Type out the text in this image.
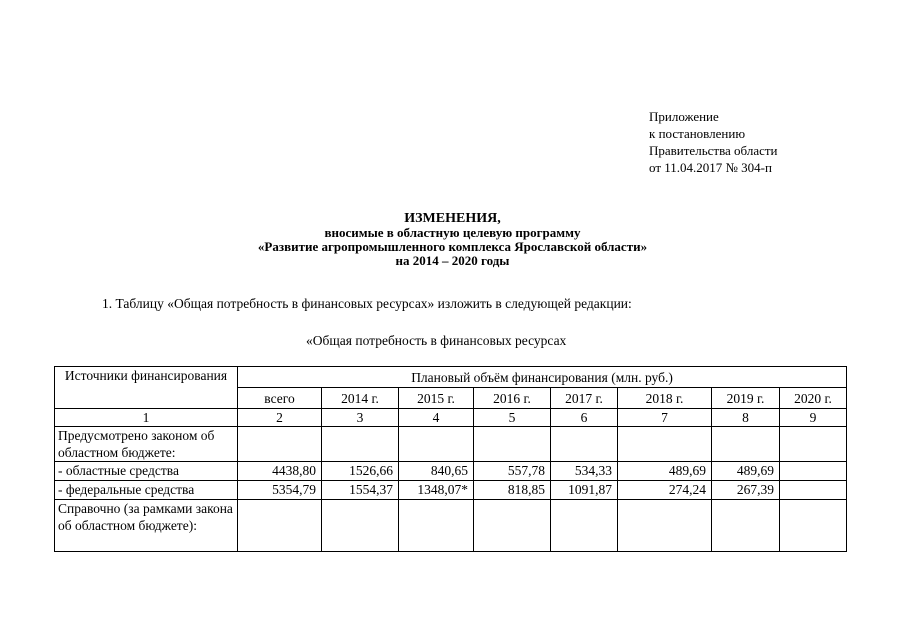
Приложение
к постановлению
Правительства области
от 11.04.2017 № 304-п
ИЗМЕНЕНИЯ,
вносимые в областную целевую программу
«Развитие агропромышленного комплекса Ярославской области»
на 2014 – 2020 годы
1. Таблицу «Общая потребность в финансовых ресурсах» изложить в следующей редакции:
«Общая потребность в финансовых ресурсах
Источники финансирования	Плановый объём финансирования (млн. руб.)							
	всего	2014 г.	2015 г.	2016 г.	2017 г.	2018 г.	2019 г.	2020 г.
1	2	3	4	5	6	7	8	9
Предусмотрено законом об областном бюджете:								
- областные средства	4438,80	1526,66	840,65	557,78	534,33	489,69	489,69	
- федеральные средства	5354,79	1554,37	1348,07*	818,85	1091,87	274,24	267,39	
Справочно (за рамками закона об областном бюджете):								
